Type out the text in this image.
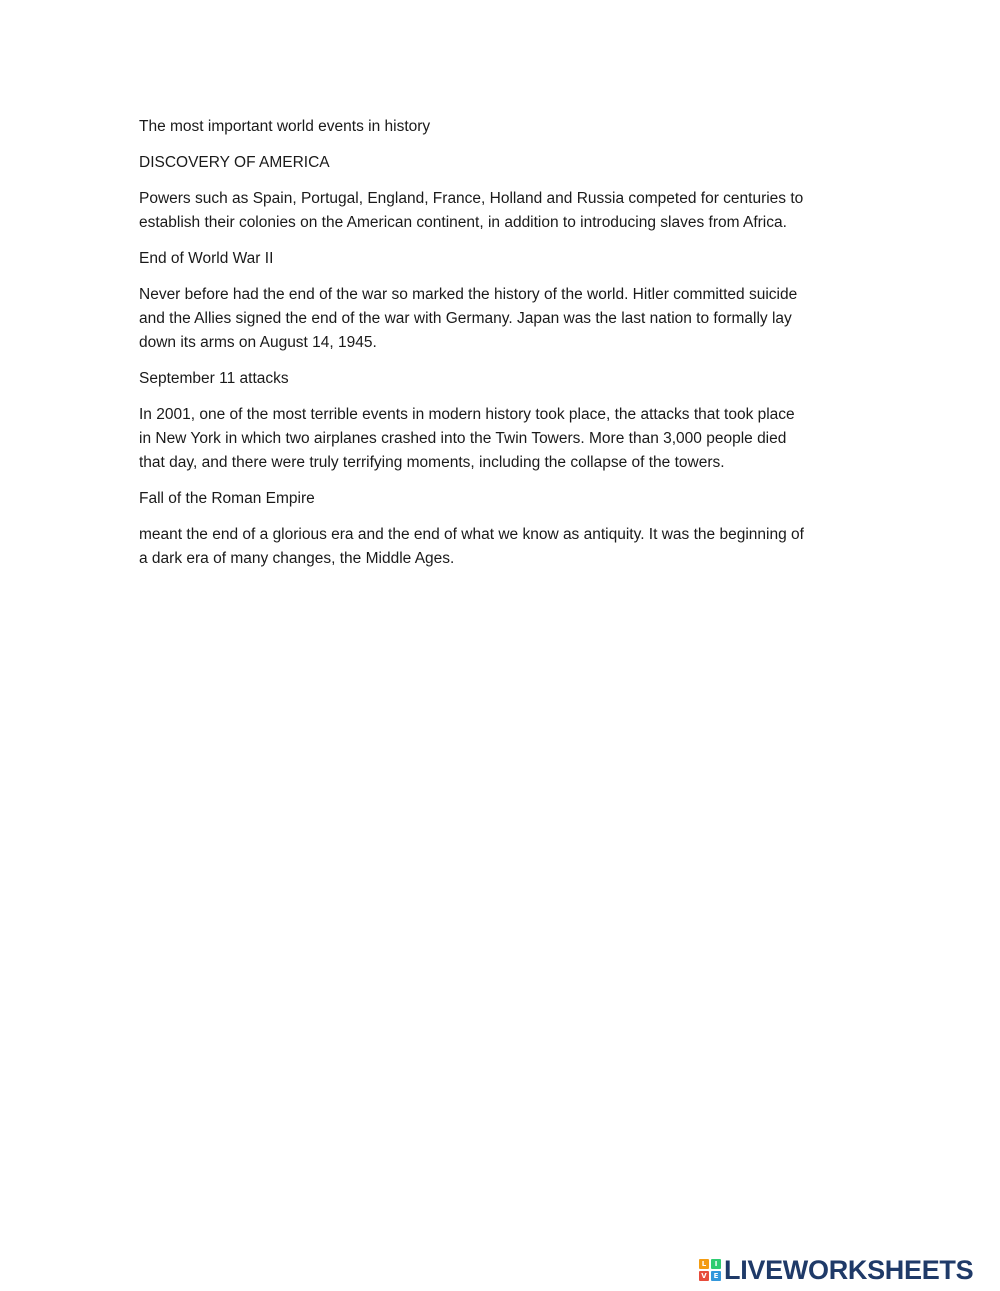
The most important world events in history

DISCOVERY OF AMERICA

Powers such as Spain, Portugal, England, France, Holland and Russia competed for centuries to
establish their colonies on the American continent, in addition to introducing slaves from Africa.

End of World War II

Never before had the end of the war so marked the history of the world. Hitler committed suicide
and the Allies signed the end of the war with Germany. Japan was the last nation to formally lay
down its arms on August 14, 1945.

September 11 attacks

In 2001, one of the most terrible events in modern history took place, the attacks that took place
in New York in which two airplanes crashed into the Twin Towers. More than 3,000 people died
that day, and there were truly terrifying moments, including the collapse of the towers.

Fall of the Roman Empire

meant the end of a glorious era and the end of what we know as antiquity. It was the beginning of
a dark era of many changes, the Middle Ages.

L	I
V E LIVEWORKSHEETS
